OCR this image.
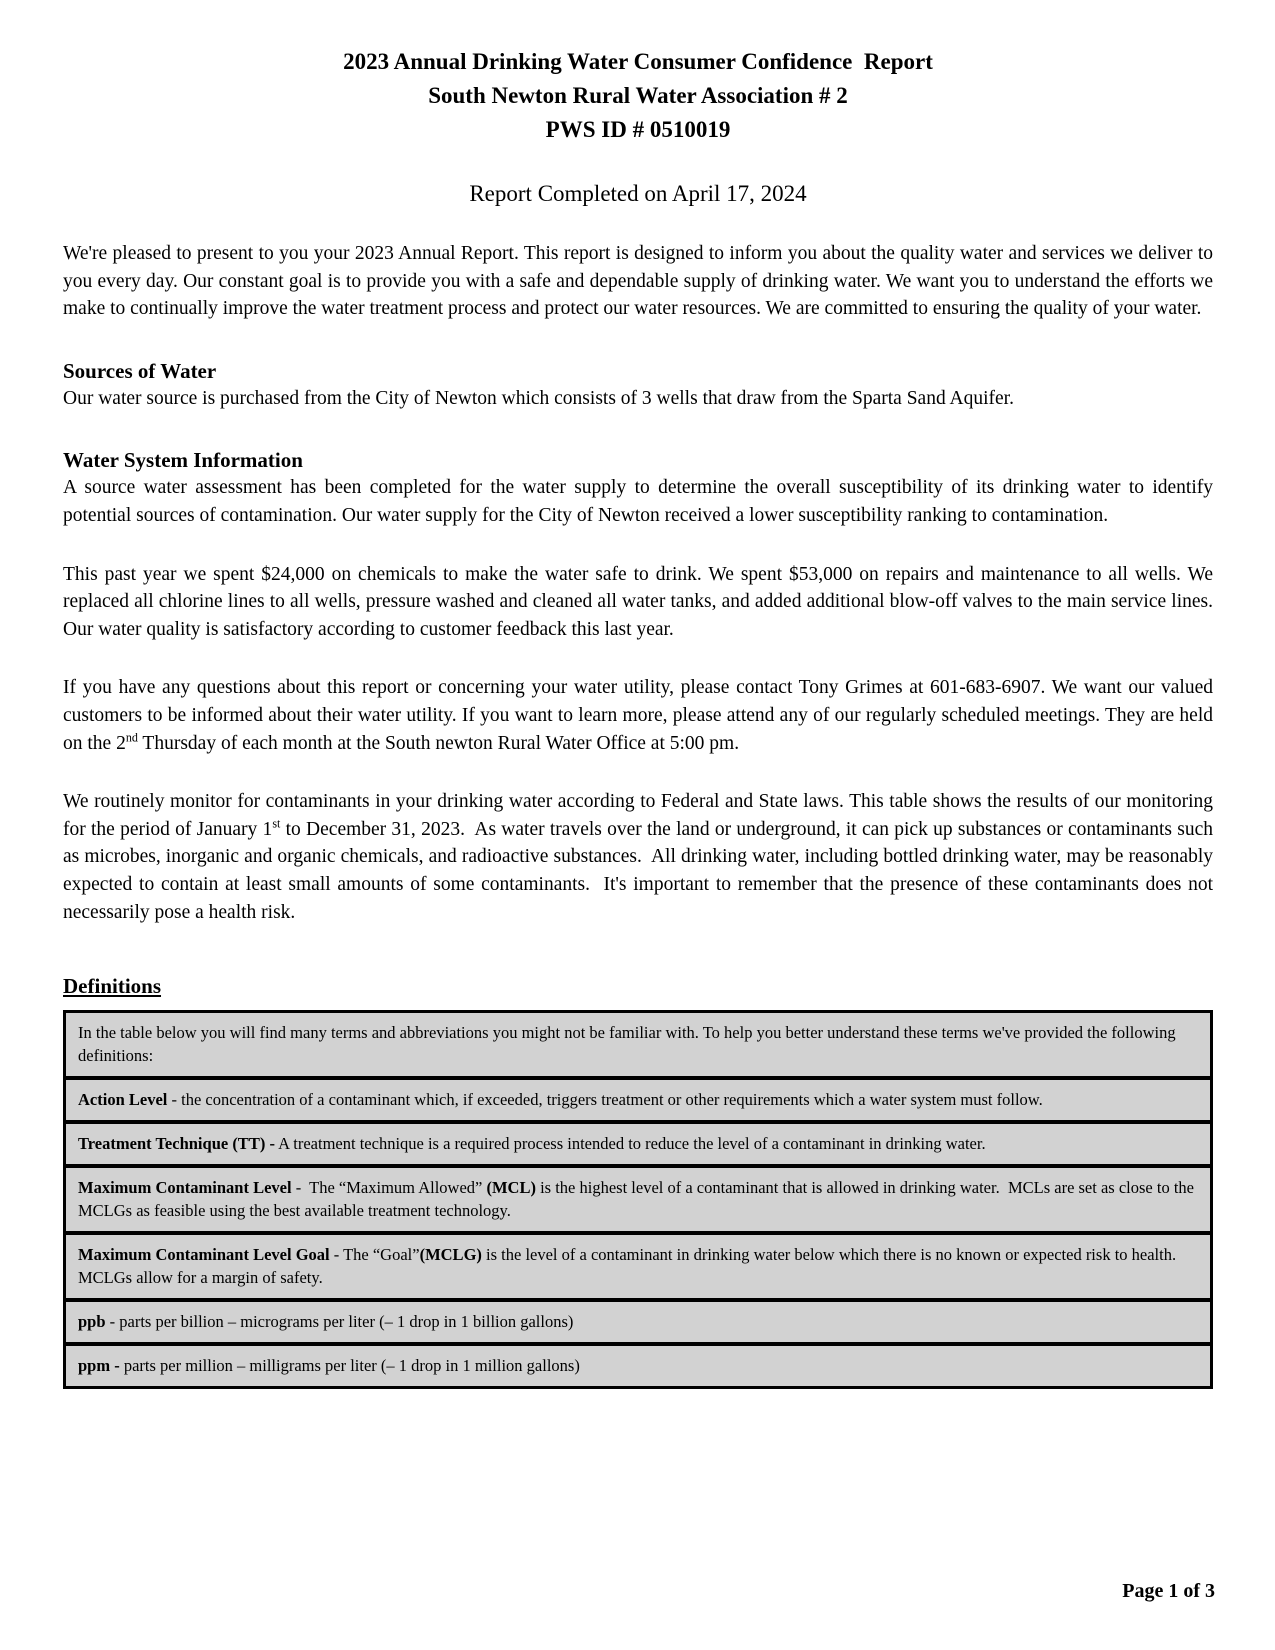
2023 Annual Drinking Water Consumer Confidence  Report
South Newton Rural Water Association # 2
PWS ID # 0510019
Report Completed on April 17, 2024
We're pleased to present to you your 2023 Annual Report. This report is designed to inform you about the quality water and services we deliver to you every day. Our constant goal is to provide you with a safe and dependable supply of drinking water. We want you to understand the efforts we make to continually improve the water treatment process and protect our water resources. We are committed to ensuring the quality of your water.
Sources of Water
Our water source is purchased from the City of Newton which consists of 3 wells that draw from the Sparta Sand Aquifer.
Water System Information
A source water assessment has been completed for the water supply to determine the overall susceptibility of its drinking water to identify potential sources of contamination. Our water supply for the City of Newton received a lower susceptibility ranking to contamination.
This past year we spent $24,000 on chemicals to make the water safe to drink. We spent $53,000 on repairs and maintenance to all wells. We replaced all chlorine lines to all wells, pressure washed and cleaned all water tanks, and added additional blow-off valves to the main service lines. Our water quality is satisfactory according to customer feedback this last year.
If you have any questions about this report or concerning your water utility, please contact Tony Grimes at 601-683-6907. We want our valued customers to be informed about their water utility. If you want to learn more, please attend any of our regularly scheduled meetings. They are held on the 2nd Thursday of each month at the South newton Rural Water Office at 5:00 pm.
We routinely monitor for contaminants in your drinking water according to Federal and State laws. This table shows the results of our monitoring for the period of January 1st to December 31, 2023.  As water travels over the land or underground, it can pick up substances or contaminants such as microbes, inorganic and organic chemicals, and radioactive substances.  All drinking water, including bottled drinking water, may be reasonably expected to contain at least small amounts of some contaminants.  It's important to remember that the presence of these contaminants does not necessarily pose a health risk.
Definitions
In the table below you will find many terms and abbreviations you might not be familiar with. To help you better understand these terms we've provided the following definitions:
Action Level - the concentration of a contaminant which, if exceeded, triggers treatment or other requirements which a water system must follow.
Treatment Technique (TT) - A treatment technique is a required process intended to reduce the level of a contaminant in drinking water.
Maximum Contaminant Level -  The “Maximum Allowed” (MCL) is the highest level of a contaminant that is allowed in drinking water.  MCLs are set as close to the MCLGs as feasible using the best available treatment technology.
Maximum Contaminant Level Goal - The “Goal”(MCLG) is the level of a contaminant in drinking water below which there is no known or expected risk to health.  MCLGs allow for a margin of safety.
ppb - parts per billion – micrograms per liter (– 1 drop in 1 billion gallons)
ppm - parts per million – milligrams per liter (– 1 drop in 1 million gallons)
Page 1 of 3
